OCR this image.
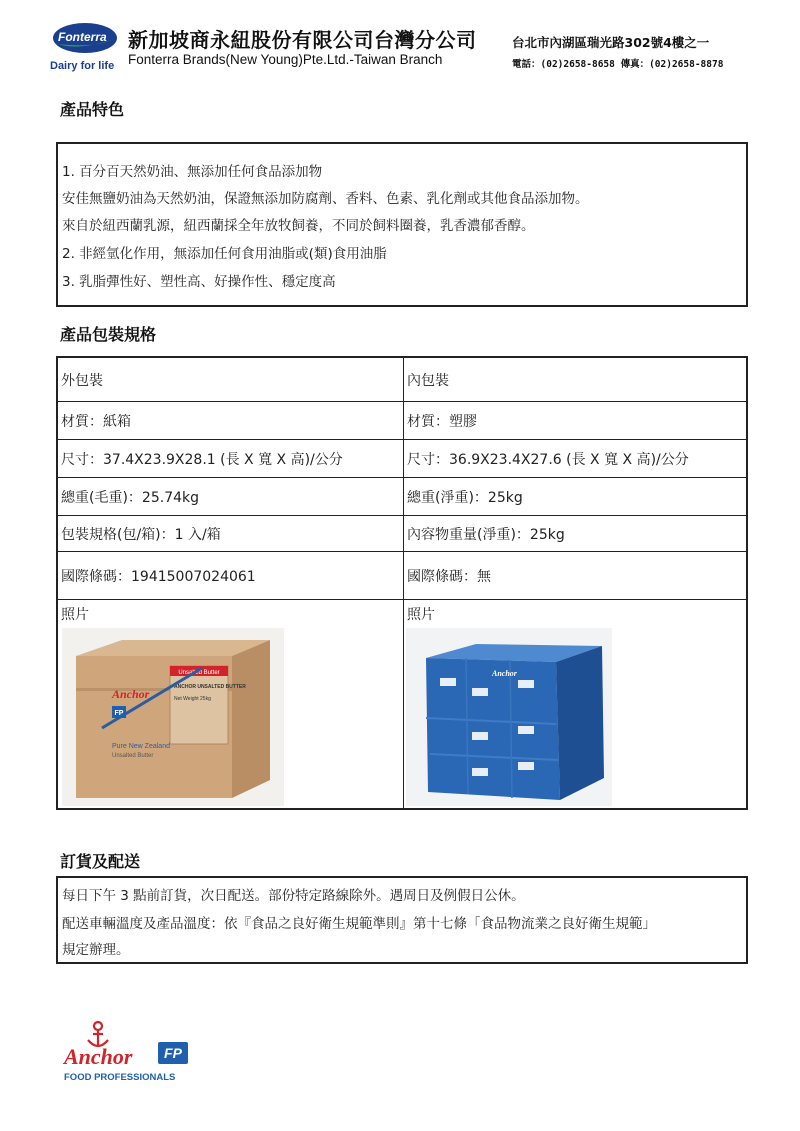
Fonterra
Dairy for life
新加坡商永紐股份有限公司台灣分公司
Fonterra Brands(New Young)Pte.Ltd.-Taiwan Branch
台北市內湖區瑞光路302號4樓之一
電話：(02)2658-8658 傳真：(02)2658-8878
產品特色
1. 百分百天然奶油、無添加任何食品添加物
安佳無鹽奶油為天然奶油，保證無添加防腐劑、香料、色素、乳化劑或其他食品添加物。
來自於紐西蘭乳源，紐西蘭採全年放牧飼養，不同於飼料圈養，乳香濃郁香醇。
2. 非經氫化作用，無添加任何食用油脂或(類)食用油脂
3. 乳脂彈性好、塑性高、好操作性、穩定度高
產品包裝規格
外包裝	內包裝
材質：紙箱	材質：塑膠
尺寸：37.4X23.9X28.1 (長 X 寬 X 高)/公分	尺寸：36.9X23.4X27.6 (長 X 寬 X 高)/公分
總重(毛重)：25.74kg	總重(淨重)：25kg
包裝規格(包/箱)：1 入/箱	內容物重量(淨重)：25kg
國際條碼：19415007024061	國際條碼：無
照片	照片
Unsalted Butter
ANCHOR UNSALTED BUTTER
Net Weight 25kg
Anchor
FP
Pure New Zealand
Unsalted Butter
Anchor
訂貨及配送
每日下午 3 點前訂貨，次日配送。部份特定路線除外。遇周日及例假日公休。
配送車輛溫度及產品溫度：依『食品之良好衛生規範準則』第十七條「食品物流業之良好衛生規範」
規定辦理。
Anchor FP
FOOD PROFESSIONALS
